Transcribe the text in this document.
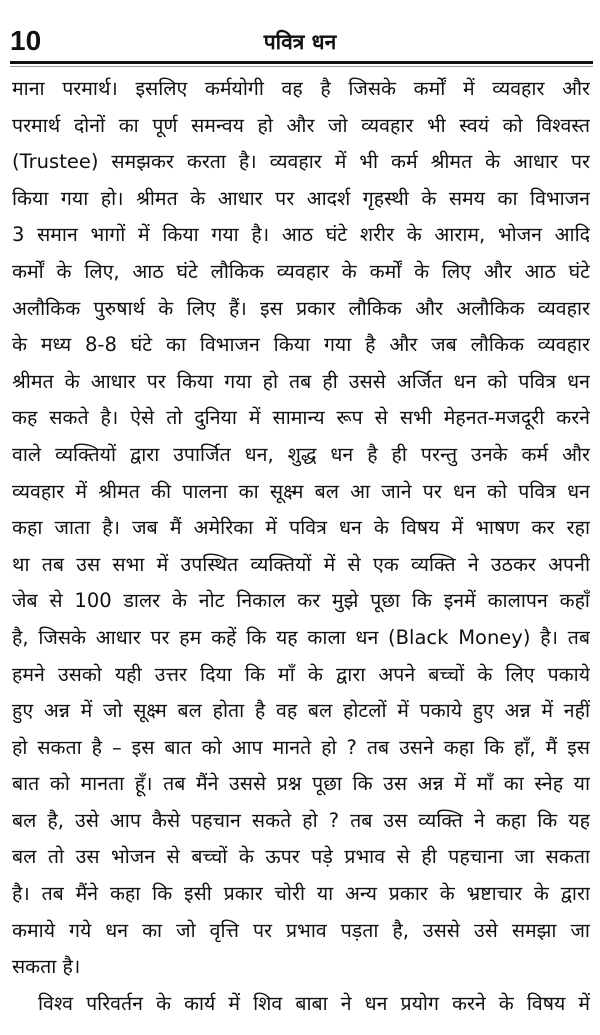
10	पवित्र धन
माना परमार्थ। इसलिए कर्मयोगी वह है जिसके कर्मों में व्यवहार और
परमार्थ दोनों का पूर्ण समन्वय हो और जो व्यवहार भी स्वयं को विश्वस्त
(Trustee) समझकर करता है। व्यवहार में भी कर्म श्रीमत के आधार पर
किया गया हो। श्रीमत के आधार पर आदर्श गृहस्थी के समय का विभाजन
3 समान भागों में किया गया है। आठ घंटे शरीर के आराम, भोजन आदि
कर्मों के लिए, आठ घंटे लौकिक व्यवहार के कर्मों के लिए और आठ घंटे
अलौकिक पुरुषार्थ के लिए हैं। इस प्रकार लौकिक और अलौकिक व्यवहार
के मध्य 8-8 घंटे का विभाजन किया गया है और जब लौकिक व्यवहार
श्रीमत के आधार पर किया गया हो तब ही उससे अर्जित धन को पवित्र धन
कह सकते है। ऐसे तो दुनिया में सामान्य रूप से सभी मेहनत-मजदूरी करने
वाले व्यक्तियों द्वारा उपार्जित धन, शुद्ध धन है ही परन्तु उनके कर्म और
व्यवहार में श्रीमत की पालना का सूक्ष्म बल आ जाने पर धन को पवित्र धन
कहा जाता है। जब मैं अमेरिका में पवित्र धन के विषय में भाषण कर रहा
था तब उस सभा में उपस्थित व्यक्तियों में से एक व्यक्ति ने उठकर अपनी
जेब से 100 डालर के नोट निकाल कर मुझे पूछा कि इनमें कालापन कहाँ
है, जिसके आधार पर हम कहें कि यह काला धन (Black Money) है। तब
हमने उसको यही उत्तर दिया कि माँ के द्वारा अपने बच्चों के लिए पकाये
हुए अन्न में जो सूक्ष्म बल होता है वह बल होटलों में पकाये हुए अन्न में नहीं
हो सकता है – इस बात को आप मानते हो ? तब उसने कहा कि हाँ, मैं इस
बात को मानता हूँ। तब मैंने उससे प्रश्न पूछा कि उस अन्न में माँ का स्नेह या
बल है, उसे आप कैसे पहचान सकते हो ? तब उस व्यक्ति ने कहा कि यह
बल तो उस भोजन से बच्चों के ऊपर पड़े प्रभाव से ही पहचाना जा सकता
है। तब मैंने कहा कि इसी प्रकार चोरी या अन्य प्रकार के भ्रष्टाचार के द्वारा
कमाये गये धन का जो वृत्ति पर प्रभाव पड़ता है, उससे उसे समझा जा
सकता है।
विश्व परिवर्तन के कार्य में शिव बाबा ने धन प्रयोग करने के विषय में
